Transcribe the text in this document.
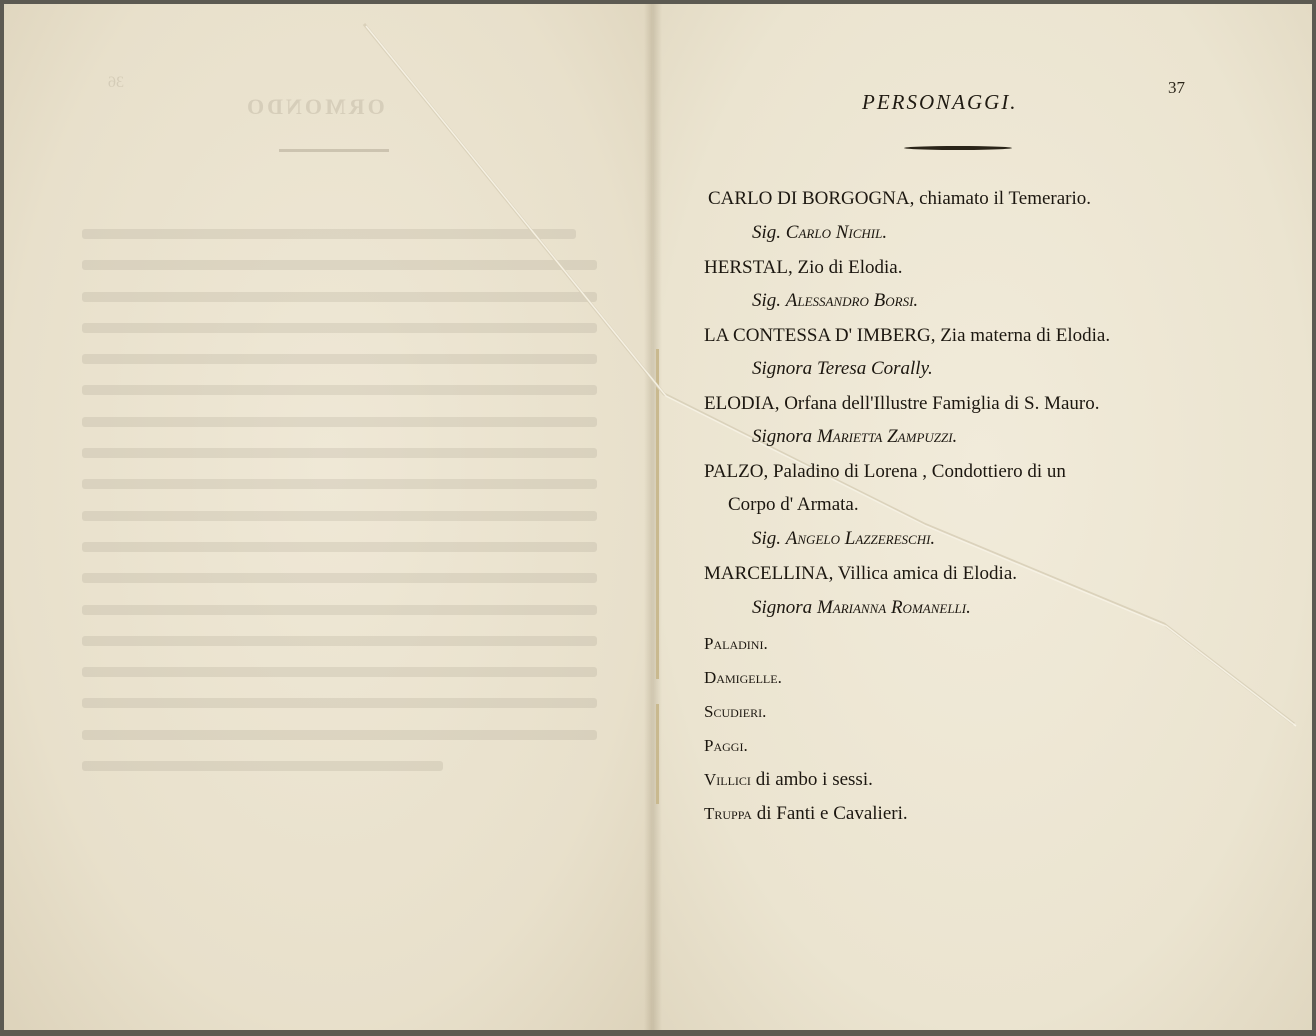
36
ORMONDO
37
PERSONAGGI.
CARLO DI BORGOGNA, chiamato il Temerario.
Sig. Carlo Nichil.
HERSTAL, Zio di Elodia.
Sig. Alessandro Borsi.
LA CONTESSA D' IMBERG, Zia materna di Elodia.
Signora Teresa Corally.
ELODIA, Orfana dell'Illustre Famiglia di S. Mauro.
Signora Marietta Zampuzzi.
PALZO, Paladino di Lorena , Condottiero di un
Corpo d' Armata.
Sig. Angelo Lazzereschi.
MARCELLINA, Villica amica di Elodia.
Signora Marianna Romanelli.
Paladini.
Damigelle.
Scudieri.
Paggi.
Villici di ambo i sessi.
Truppa di Fanti e Cavalieri.
